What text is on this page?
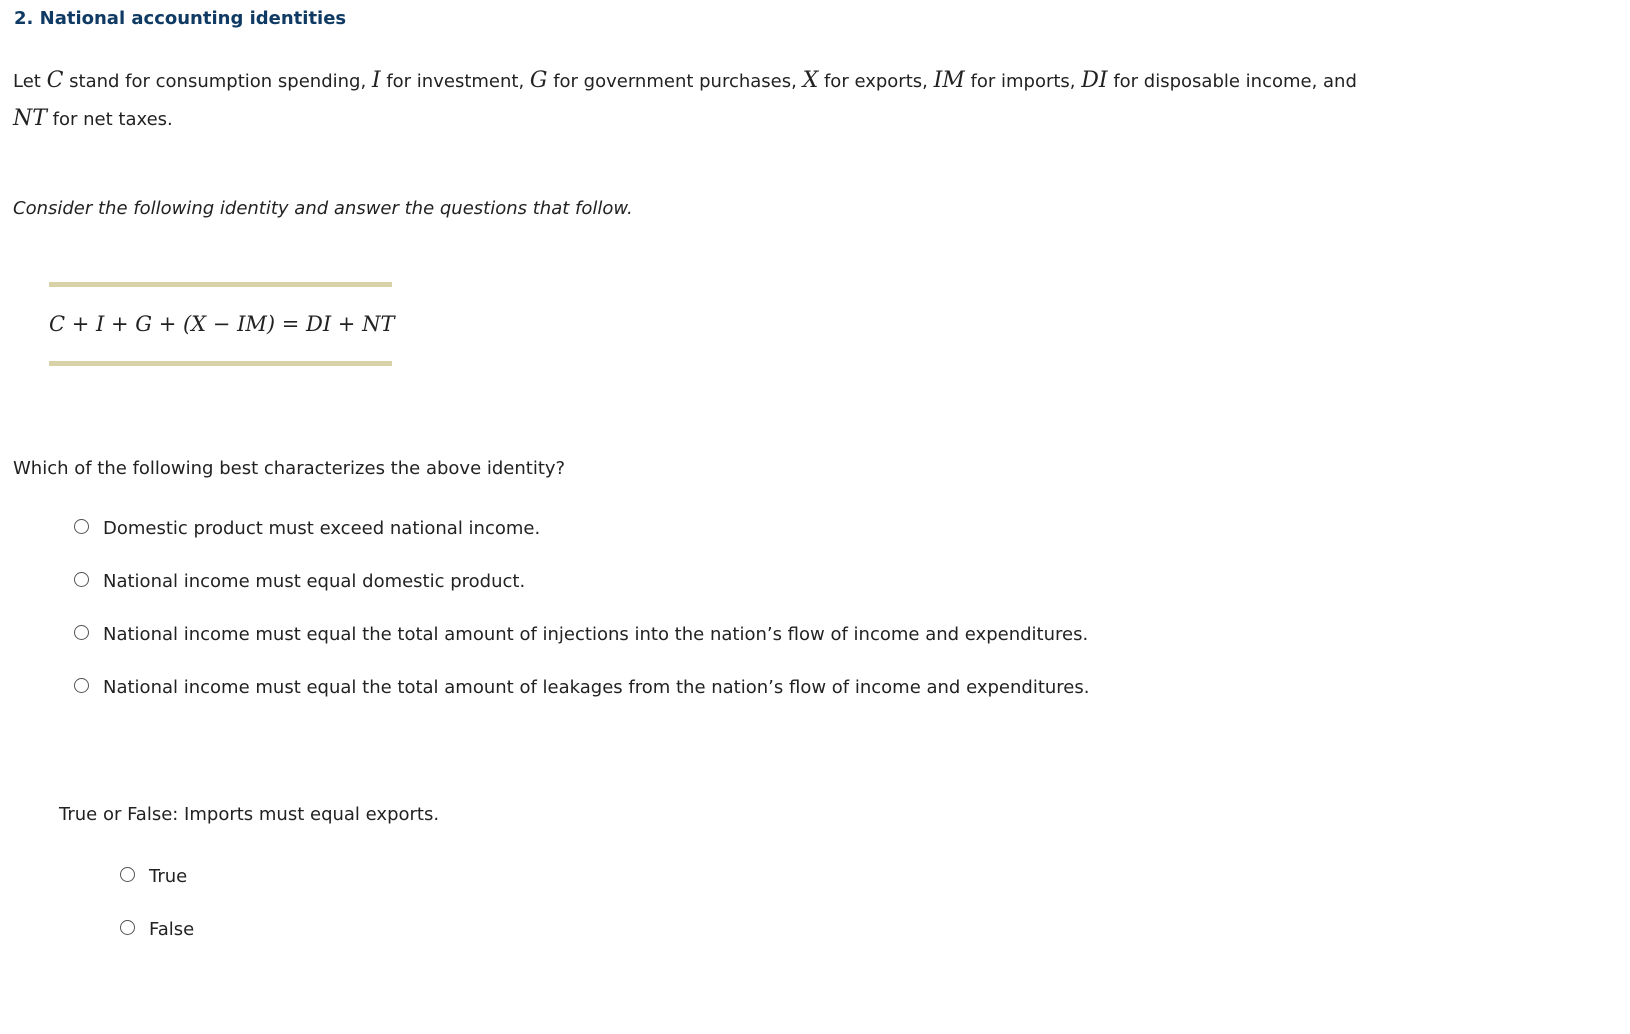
2. National accounting identities
Let C stand for consumption spending, I for investment, G for government purchases, X for exports, IM for imports, DI for disposable income, and
NT for net taxes.
Consider the following identity and answer the questions that follow.
C + I + G + (X − IM) = DI + NT
Which of the following best characterizes the above identity?
Domestic product must exceed national income.
National income must equal domestic product.
National income must equal the total amount of injections into the nation’s flow of income and expenditures.
National income must equal the total amount of leakages from the nation’s flow of income and expenditures.
True or False: Imports must equal exports.
True
False
